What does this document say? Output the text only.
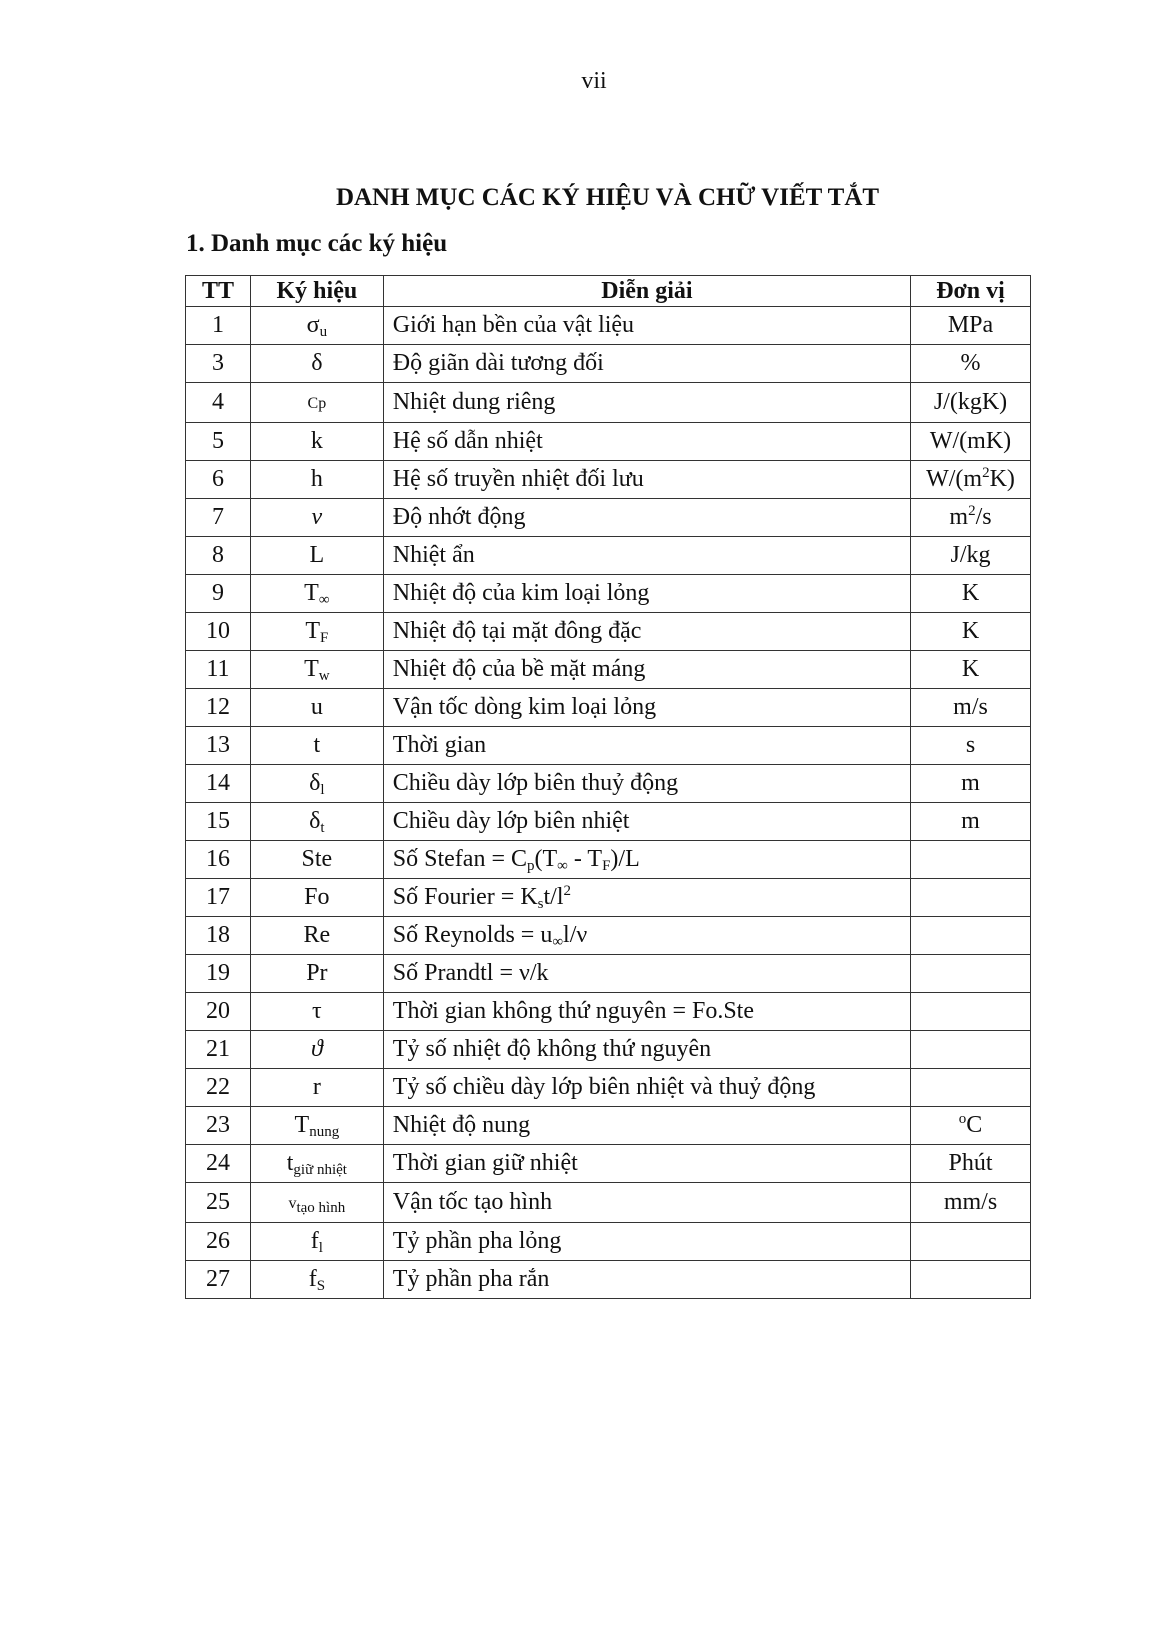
vii
DANH MỤC CÁC KÝ HIỆU VÀ CHỮ VIẾT TẮT
1. Danh mục các ký hiệu
TT	Ký hiệu	Diễn giải	Đơn vị
1	$\sigma_u$	Giới hạn bền của vật liệu	MPa
3	δ	Độ giãn dài tương đối	%
4	Cp	Nhiệt dung riêng	J/(kgK)
5	k	Hệ số dẫn nhiệt	W/(mK)
6	h	Hệ số truyền nhiệt đối lưu	$W/(m^2K)$
7	ν	Độ nhớt động	$m^2/s$
8	L	Nhiệt ẩn	J/kg
9	$T_\infty$	Nhiệt độ của kim loại lỏng	K
10	$T_F$	Nhiệt độ tại mặt đông đặc	K
11	$T_w$	Nhiệt độ của bề mặt máng	K
12	u	Vận tốc dòng kim loại lỏng	m/s
13	t	Thời gian	s
14	$\delta_l$	Chiều dày lớp biên thuỷ động	m
15	$\delta_t$	Chiều dày lớp biên nhiệt	m
16	Ste	Số Stefan = $C_p(T_\infty - T_F)/L$	
17	Fo	Số Fourier = $K_st/l^2$	
18	Re	Số Reynolds = $u_\infty l/\nu$	
19	Pr	Số Prandtl = ν/k	
20	τ	Thời gian không thứ nguyên = Fo.Ste	
21	ϑ	Tỷ số nhiệt độ không thứ nguyên	
22	r	Tỷ số chiều dày lớp biên nhiệt và thuỷ động	
23	$T_{nung}$	Nhiệt độ nung	$^o$C
24	$t_{giữ nhiệt}$	Thời gian giữ nhiệt	Phút
25	$v_{tạo hình}$	Vận tốc tạo hình	mm/s
26	$f_l$	Tỷ phần pha lỏng	
27	$f_S$	Tỷ phần pha rắn	
